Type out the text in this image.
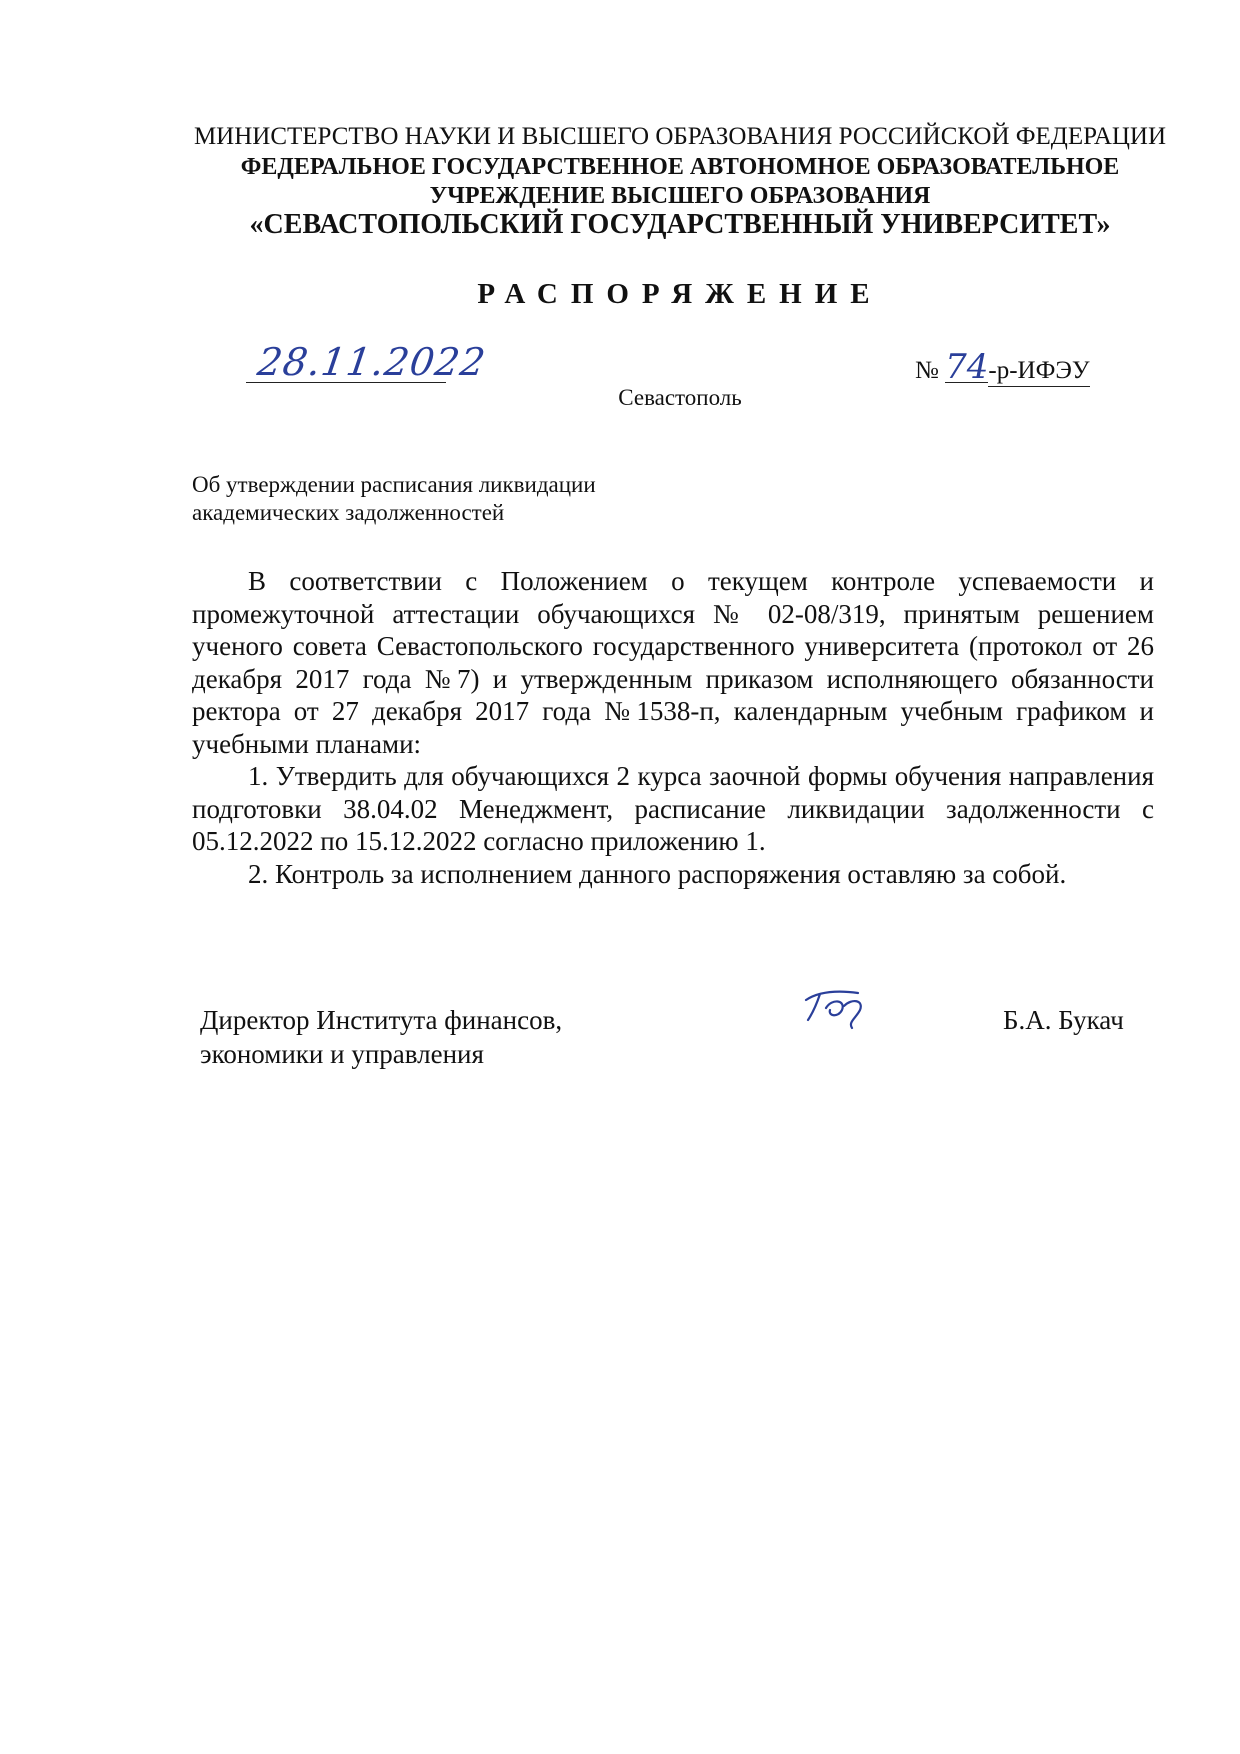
МИНИСТЕРСТВО НАУКИ И ВЫСШЕГО ОБРАЗОВАНИЯ РОССИЙСКОЙ ФЕДЕРАЦИИ
ФЕДЕРАЛЬНОЕ ГОСУДАРСТВЕННОЕ АВТОНОМНОЕ ОБРАЗОВАТЕЛЬНОЕ
УЧРЕЖДЕНИЕ ВЫСШЕГО ОБРАЗОВАНИЯ
«СЕВАСТОПОЛЬСКИЙ ГОСУДАРСТВЕННЫЙ УНИВЕРСИТЕТ»
РАСПОРЯЖЕНИЕ
28.11.2022	№ 74-р-ИФЭУ
Севастополь
Об утверждении расписания ликвидации
академических задолженностей

В соответствии с Положением о текущем контроле успеваемости и промежуточной аттестации обучающихся № 02-08/319, принятым решением ученого совета Севастопольского государственного университета (протокол от 26 декабря 2017 года №7) и утвержденным приказом исполняющего обязанности ректора от 27 декабря 2017 года №1538-п, календарным учебным графиком и учебными планами:

1. Утвердить для обучающихся 2 курса заочной формы обучения направления подготовки 38.04.02 Менеджмент, расписание ликвидации задолженности с 05.12.2022 по 15.12.2022 согласно приложению 1.

2. Контроль за исполнением данного распоряжения оставляю за собой.

Директор Института финансов,
экономики и управления
Б.А. Букач
